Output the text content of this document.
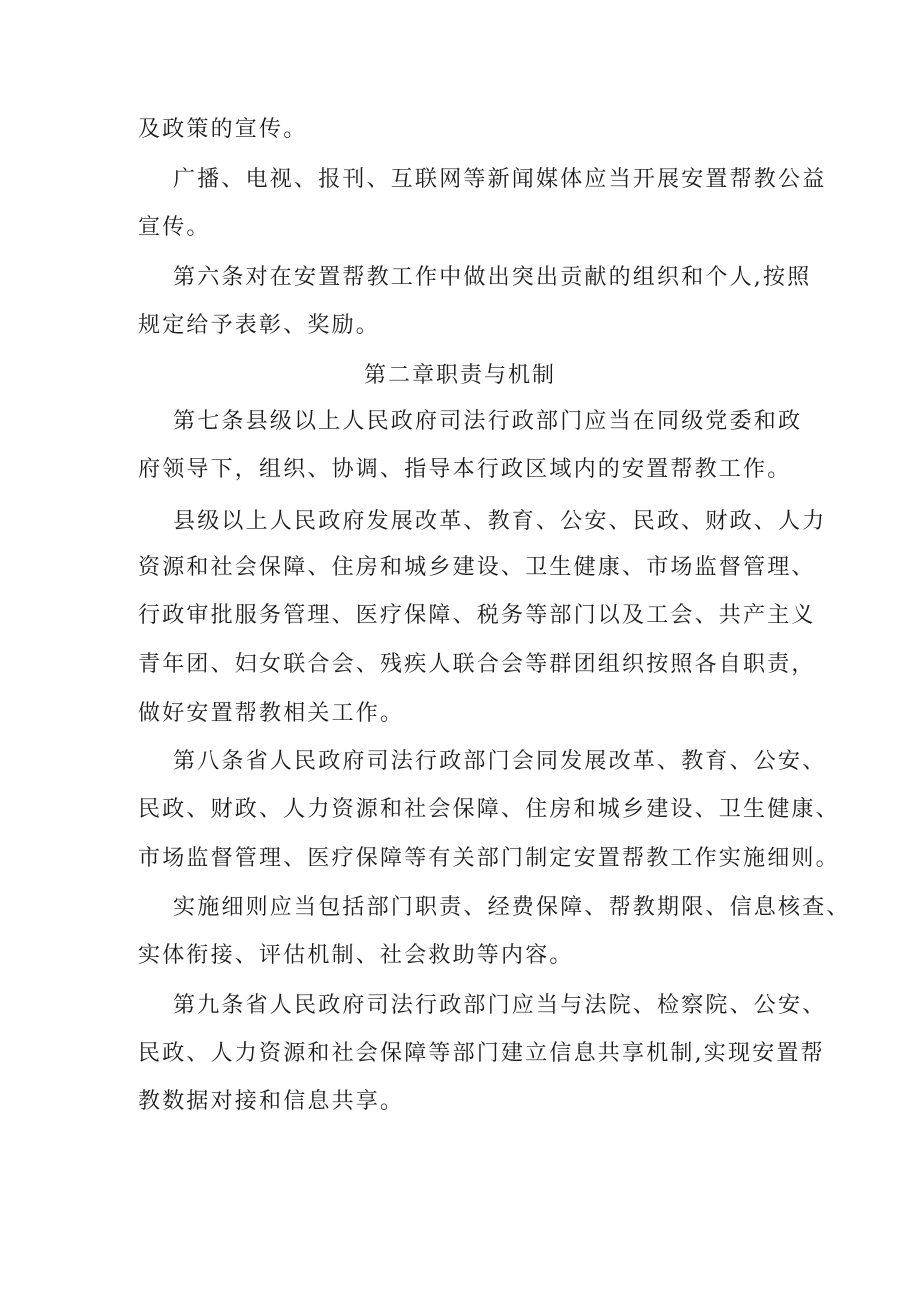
及政策的宣传。
广播、电视、报刊、互联网等新闻媒体应当开展安置帮教公益
宣传。
第六条对在安置帮教工作中做出突出贡献的组织和个人,按照
规定给予表彰、奖励。
第二章职责与机制
第七条县级以上人民政府司法行政部门应当在同级党委和政
府领导下，组织、协调、指导本行政区域内的安置帮教工作。
县级以上人民政府发展改革、教育、公安、民政、财政、人力
资源和社会保障、住房和城乡建设、卫生健康、市场监督管理、
行政审批服务管理、医疗保障、税务等部门以及工会、共产主义
青年团、妇女联合会、残疾人联合会等群团组织按照各自职责，
做好安置帮教相关工作。
第八条省人民政府司法行政部门会同发展改革、教育、公安、
民政、财政、人力资源和社会保障、住房和城乡建设、卫生健康、
市场监督管理、医疗保障等有关部门制定安置帮教工作实施细则。
实施细则应当包括部门职责、经费保障、帮教期限、信息核查、
实体衔接、评估机制、社会救助等内容。
第九条省人民政府司法行政部门应当与法院、检察院、公安、
民政、人力资源和社会保障等部门建立信息共享机制,实现安置帮
教数据对接和信息共享。
